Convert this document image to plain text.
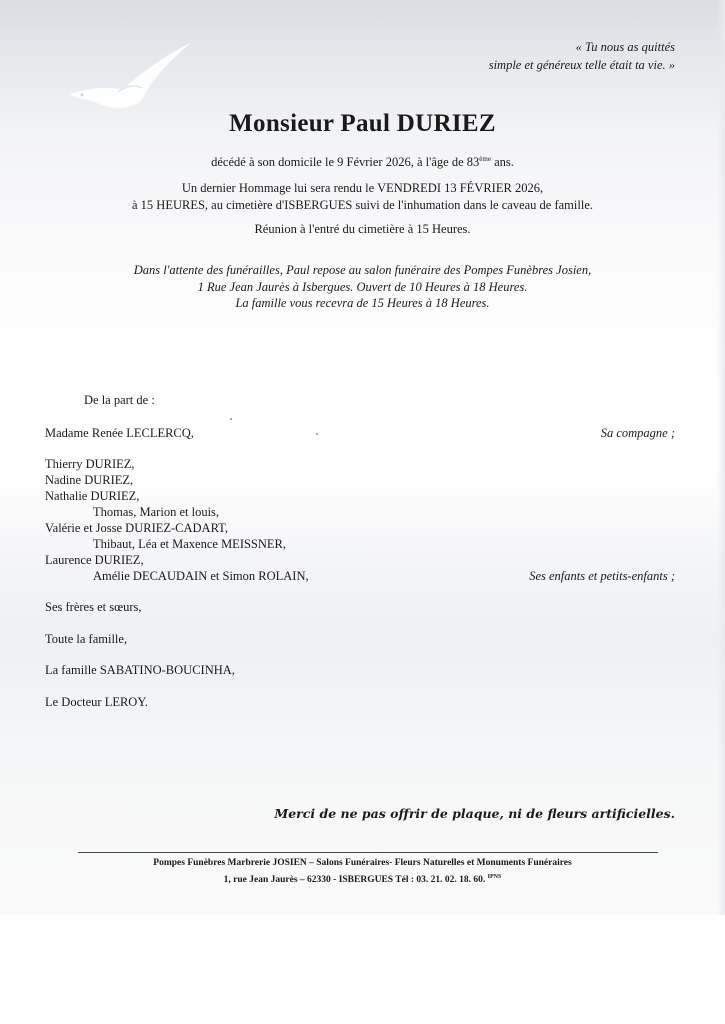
« Tu nous as quittés
simple et généreux telle était ta vie. »
Monsieur Paul DURIEZ
décédé à son domicile le 9 Février 2026, à l'âge de 83ème ans.
Un dernier Hommage lui sera rendu le VENDREDI 13 FÉVRIER 2026,
à 15 HEURES, au cimetière d'ISBERGUES suivi de l'inhumation dans le caveau de famille.
Réunion à l'entré du cimetière à 15 Heures.
Dans l'attente des funérailles, Paul repose au salon funéraire des Pompes Funèbres Josien,
1 Rue Jean Jaurès à Isbergues. Ouvert de 10 Heures à 18 Heures.
La famille vous recevra de 15 Heures à 18 Heures.
De la part de :
Madame Renée LECLERCQ,	Sa compagne ;
Thierry DURIEZ,
Nadine DURIEZ,
Nathalie DURIEZ,
Thomas, Marion et louis,
Valérie et Josse DURIEZ-CADART,
Thibaut, Léa et Maxence MEISSNER,
Laurence DURIEZ,
Amélie DECAUDAIN et Simon ROLAIN,	Ses enfants et petits-enfants ;
Ses frères et sœurs,
Toute la famille,
La famille SABATINO-BOUCINHA,
Le Docteur LEROY.
Merci de ne pas offrir de plaque, ni de fleurs artificielles.
Pompes Funèbres Marbrerie JOSIEN – Salons Funéraires- Fleurs Naturelles et Monuments Funéraires
1, rue Jean Jaurès – 62330 - ISBERGUES Tél : 03. 21. 02. 18. 60. $^{IPNS}$
